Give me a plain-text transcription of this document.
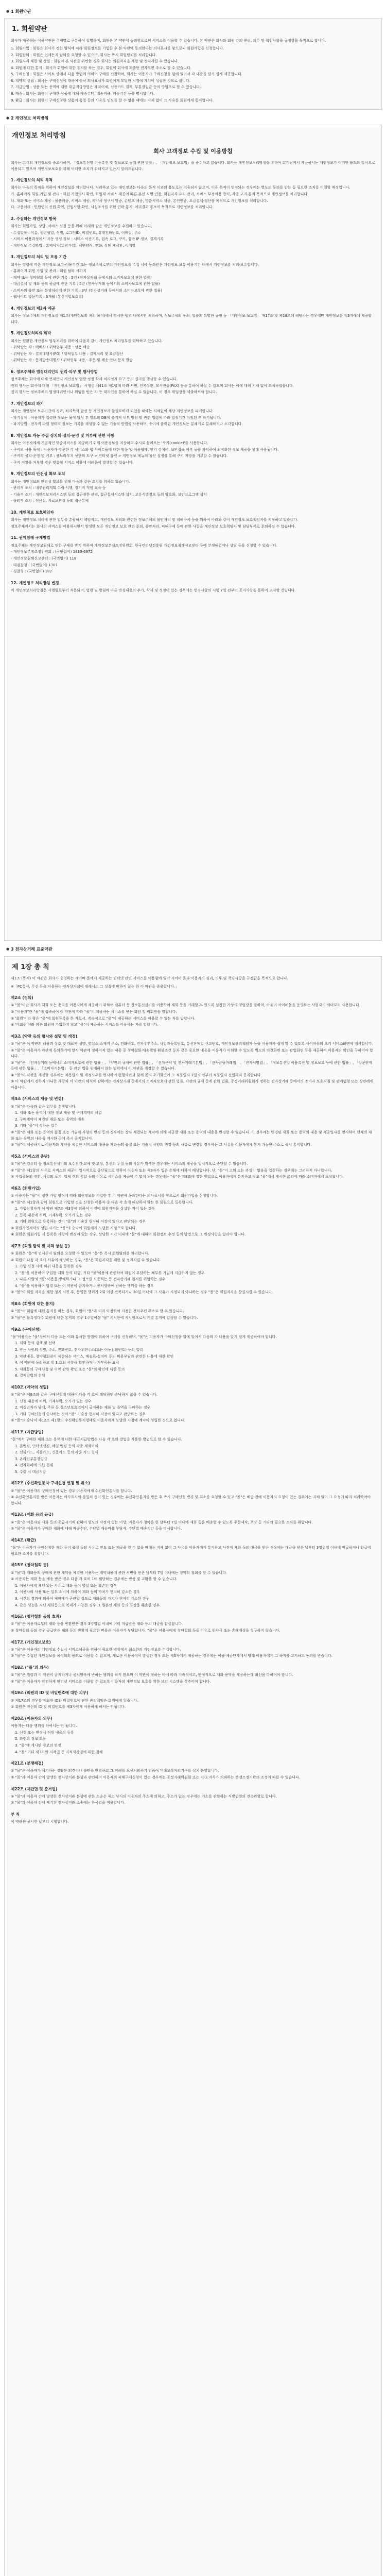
● 1 회원약관
1. 회원약관
회사가 제공하는 이용약관은 주제별로 구분하여 설명하며, 회원은 본 약관에 동의함으로써 서비스를 이용할 수 있습니다. 본 약관은 회사와 회원 간의 권리, 의무 및 책임사항을 규정함을 목적으로 합니다.
1. 회원가입 : 회원은 회사가 정한 양식에 따라 회원정보를 기입한 후 본 약관에 동의한다는 의사표시를 함으로써 회원가입을 신청합니다.
2. 회원탈퇴 : 회원은 언제든지 탈퇴를 요청할 수 있으며, 회사는 즉시 회원탈퇴를 처리합니다.
3. 회원자격 제한 및 상실 : 회원이 본 약관을 위반한 경우 회사는 회원자격을 제한 및 정지시킬 수 있습니다.
4. 회원에 대한 통지 : 회사가 회원에 대한 통지를 하는 경우, 회원이 회사에 제출한 전자우편 주소로 할 수 있습니다.
5. 구매신청 : 회원은 사이트 상에서 다음 방법에 의하여 구매를 신청하며, 회사는 이용자가 구매신청을 함에 있어서 각 내용을 알기 쉽게 제공합니다.
6. 계약의 성립 : 회사는 구매신청에 대하여 승낙 의사표시가 회원에게 도달한 시점에 계약이 성립한 것으로 봅니다.
7. 지급방법 : 상품 또는 용역에 대한 대금지급방법은 계좌이체, 신용카드 결제, 무통장입금 등의 방법으로 할 수 있습니다.
8. 배송 : 회사는 회원이 구매한 상품에 대해 배송수단, 배송비용, 배송기간 등을 명시합니다.
9. 환급 : 회사는 회원이 구매신청한 상품이 품절 등의 사유로 인도를 할 수 없을 때에는 지체 없이 그 사유를 회원에게 통지합니다.
● 2 개인정보 처리방침
개인정보 처리방침
회사 고객정보 수집 및 이용방침
회사는 고객의 개인정보를 중요시하며, 「정보통신망 이용촉진 및 정보보호 등에 관한 법률」, 「개인정보 보호법」을 준수하고 있습니다. 회사는 개인정보처리방침을 통하여 고객님께서 제공하시는 개인정보가 어떠한 용도와 방식으로 이용되고 있으며 개인정보보호를 위해 어떠한 조치가 취해지고 있는지 알려드립니다.
1. 개인정보의 처리 목적
회사는 다음의 목적을 위하여 개인정보를 처리합니다. 처리하고 있는 개인정보는 다음의 목적 이외의 용도로는 이용되지 않으며, 이용 목적이 변경되는 경우에는 별도의 동의를 받는 등 필요한 조치를 이행할 예정입니다.
가. 홈페이지 회원 가입 및 관리 : 회원 가입의사 확인, 회원제 서비스 제공에 따른 본인 식별·인증, 회원자격 유지·관리, 서비스 부정이용 방지, 각종 고지·통지 목적으로 개인정보를 처리합니다.
나. 재화 또는 서비스 제공 : 물품배송, 서비스 제공, 계약서·청구서 발송, 콘텐츠 제공, 맞춤서비스 제공, 본인인증, 요금결제·정산을 목적으로 개인정보를 처리합니다.
다. 고충처리 : 민원인의 신원 확인, 민원사항 확인, 사실조사를 위한 연락·통지, 처리결과 통보의 목적으로 개인정보를 처리합니다.
2. 수집하는 개인정보 항목
회사는 회원가입, 상담, 서비스 신청 등을 위해 아래와 같은 개인정보를 수집하고 있습니다.
- 수집항목 : 이름, 생년월일, 성별, 로그인ID, 비밀번호, 휴대전화번호, 이메일, 주소
- 서비스 이용과정에서 자동 생성 정보 : 서비스 이용기록, 접속 로그, 쿠키, 접속 IP 정보, 결제기록
- 개인정보 수집방법 : 홈페이지(회원가입), 서면양식, 전화, 상담 게시판, 이메일
3. 개인정보의 처리 및 보유 기간
회사는 법령에 따른 개인정보 보유·이용기간 또는 정보주체로부터 개인정보를 수집 시에 동의받은 개인정보 보유·이용기간 내에서 개인정보를 처리·보유합니다.
- 홈페이지 회원 가입 및 관리 : 회원 탈퇴 시까지
- 계약 또는 청약철회 등에 관한 기록 : 5년 (전자상거래 등에서의 소비자보호에 관한 법률)
- 대금결제 및 재화 등의 공급에 관한 기록 : 5년 (전자상거래 등에서의 소비자보호에 관한 법률)
- 소비자의 불만 또는 분쟁처리에 관한 기록 : 3년 (전자상거래 등에서의 소비자보호에 관한 법률)
- 웹사이트 방문기록 : 3개월 (통신비밀보호법)
4. 개인정보의 제3자 제공
회사는 정보주체의 개인정보를 제1조(개인정보의 처리 목적)에서 명시한 범위 내에서만 처리하며, 정보주체의 동의, 법률의 특별한 규정 등 「개인정보 보호법」 제17조 및 제18조에 해당하는 경우에만 개인정보를 제3자에게 제공합니다.
5. 개인정보처리의 위탁
회사는 원활한 개인정보 업무처리를 위하여 다음과 같이 개인정보 처리업무를 위탁하고 있습니다.
- 위탁받는 자 : 택배사 / 위탁업무 내용 : 상품 배송
- 위탁받는 자 : 결제대행사(PG) / 위탁업무 내용 : 결제처리 및 요금정산
- 위탁받는 자 : 문자발송대행사 / 위탁업무 내용 : 주문 및 배송 안내 문자 발송
6. 정보주체와 법정대리인의 권리·의무 및 행사방법
정보주체는 회사에 대해 언제든지 개인정보 열람·정정·삭제·처리정지 요구 등의 권리를 행사할 수 있습니다.
권리 행사는 회사에 대해 「개인정보 보호법」 시행령 제41조 제1항에 따라 서면, 전자우편, 모사전송(FAX) 등을 통하여 하실 수 있으며 회사는 이에 대해 지체 없이 조치하겠습니다.
권리 행사는 정보주체의 법정대리인이나 위임을 받은 자 등 대리인을 통하여 하실 수 있습니다. 이 경우 위임장을 제출하셔야 합니다.
7. 개인정보의 파기
회사는 개인정보 보유기간의 경과, 처리목적 달성 등 개인정보가 불필요하게 되었을 때에는 지체없이 해당 개인정보를 파기합니다.
- 파기절차 : 이용자가 입력한 정보는 목적 달성 후 별도의 DB에 옮겨져 내부 방침 및 관련 법령에 따라 일정기간 저장된 후 파기됩니다.
- 파기방법 : 전자적 파일 형태의 정보는 기록을 재생할 수 없는 기술적 방법을 사용하며, 종이에 출력된 개인정보는 분쇄기로 분쇄하거나 소각합니다.
8. 개인정보 자동 수집 장치의 설치·운영 및 거부에 관한 사항
회사는 이용자에게 개별적인 맞춤서비스를 제공하기 위해 이용정보를 저장하고 수시로 불러오는 '쿠키(cookie)'를 사용합니다.
- 쿠키의 사용 목적 : 이용자가 방문한 각 서비스와 웹 사이트들에 대한 방문 및 이용형태, 인기 검색어, 보안접속 여부 등을 파악하여 최적화된 정보 제공을 위해 사용됩니다.
- 쿠키의 설치·운영 및 거부 : 웹브라우저 상단의 도구 > 인터넷 옵션 > 개인정보 메뉴의 옵션 설정을 통해 쿠키 저장을 거부할 수 있습니다.
- 쿠키 저장을 거부할 경우 맞춤형 서비스 이용에 어려움이 발생할 수 있습니다.
9. 개인정보의 안전성 확보 조치
회사는 개인정보의 안전성 확보를 위해 다음과 같은 조치를 취하고 있습니다.
- 관리적 조치 : 내부관리계획 수립·시행, 정기적 직원 교육 등
- 기술적 조치 : 개인정보처리시스템 등의 접근권한 관리, 접근통제시스템 설치, 고유식별정보 등의 암호화, 보안프로그램 설치
- 물리적 조치 : 전산실, 자료보관실 등의 접근통제
10. 개인정보 보호책임자
회사는 개인정보 처리에 관한 업무를 총괄해서 책임지고, 개인정보 처리와 관련한 정보주체의 불만처리 및 피해구제 등을 위하여 아래와 같이 개인정보 보호책임자를 지정하고 있습니다.
정보주체께서는 회사의 서비스를 이용하시면서 발생한 모든 개인정보 보호 관련 문의, 불만처리, 피해구제 등에 관한 사항을 개인정보 보호책임자 및 담당부서로 문의하실 수 있습니다.
11. 권익침해 구제방법
정보주체는 개인정보침해로 인한 구제를 받기 위하여 개인정보분쟁조정위원회, 한국인터넷진흥원 개인정보침해신고센터 등에 분쟁해결이나 상담 등을 신청할 수 있습니다.
- 개인정보분쟁조정위원회 : (국번없이) 1833-6972
- 개인정보침해신고센터 : (국번없이) 118
- 대검찰청 : (국번없이) 1301
- 경찰청 : (국번없이) 182
12. 개인정보 처리방침 변경
이 개인정보처리방침은 시행일로부터 적용되며, 법령 및 방침에 따른 변경내용의 추가, 삭제 및 정정이 있는 경우에는 변경사항의 시행 7일 전부터 공지사항을 통하여 고지할 것입니다.
● 3 전자상거래 표준약관
제 1장 총 칙
제1조 (목적) 이 약관은 회사가 운영하는 사이버 몰에서 제공하는 인터넷 관련 서비스를 이용함에 있어 사이버 몰과 이용자의 권리, 의무 및 책임사항을 규정함을 목적으로 합니다.
※「PC통신, 무선 등을 이용하는 전자상거래에 대해서도 그 성질에 반하지 않는 한 이 약관을 준용합니다.」
제2조 (정의)
① "몰"이란 회사가 재화 또는 용역을 이용자에게 제공하기 위하여 컴퓨터 등 정보통신설비를 이용하여 재화 등을 거래할 수 있도록 설정한 가상의 영업장을 말하며, 아울러 사이버몰을 운영하는 사업자의 의미로도 사용합니다.
② "이용자"란 "몰"에 접속하여 이 약관에 따라 "몰"이 제공하는 서비스를 받는 회원 및 비회원을 말합니다.
③ '회원'이라 함은 "몰"에 회원등록을 한 자로서, 계속적으로 "몰"이 제공하는 서비스를 이용할 수 있는 자를 말합니다.
④ '비회원'이라 함은 회원에 가입하지 않고 "몰"이 제공하는 서비스를 이용하는 자를 말합니다.
제3조 (약관 등의 명시와 설명 및 개정)
① "몰"은 이 약관의 내용과 상호 및 대표자 성명, 영업소 소재지 주소, 전화번호, 전자우편주소, 사업자등록번호, 통신판매업 신고번호, 개인정보관리책임자 등을 이용자가 쉽게 알 수 있도록 사이버몰의 초기 서비스화면에 게시합니다.
② "몰"은 이용자가 약관에 동의하기에 앞서 약관에 정하여져 있는 내용 중 청약철회·배송책임·환불조건 등과 같은 중요한 내용을 이용자가 이해할 수 있도록 별도의 연결화면 또는 팝업화면 등을 제공하여 이용자의 확인을 구하여야 합니다.
③ "몰"은 「전자상거래 등에서의 소비자보호에 관한 법률」, 「약관의 규제에 관한 법률」, 「전자문서 및 전자거래기본법」, 「전자금융거래법」, 「전자서명법」, 「정보통신망 이용촉진 및 정보보호 등에 관한 법률」, 「방문판매 등에 관한 법률」, 「소비자기본법」 등 관련 법을 위배하지 않는 범위에서 이 약관을 개정할 수 있습니다.
④ "몰"이 약관을 개정할 경우에는 적용일자 및 개정사유를 명시하여 현행약관과 함께 몰의 초기화면에 그 적용일자 7일 이전부터 적용일자 전일까지 공지합니다.
⑤ 이 약관에서 정하지 아니한 사항과 이 약관의 해석에 관하여는 전자상거래 등에서의 소비자보호에 관한 법률, 약관의 규제 등에 관한 법률, 공정거래위원회가 정하는 전자상거래 등에서의 소비자 보호지침 및 관계법령 또는 상관례에 따릅니다.
제4조 (서비스의 제공 및 변경)
① "몰"은 다음과 같은 업무를 수행합니다.
1. 재화 또는 용역에 대한 정보 제공 및 구매계약의 체결
2. 구매계약이 체결된 재화 또는 용역의 배송
3. 기타 "몰"이 정하는 업무
② "몰"은 재화 또는 용역의 품절 또는 기술적 사양의 변경 등의 경우에는 장차 체결되는 계약에 의해 제공할 재화 또는 용역의 내용을 변경할 수 있습니다. 이 경우에는 변경된 재화 또는 용역의 내용 및 제공일자를 명시하여 현재의 재화 또는 용역의 내용을 게시한 곳에 즉시 공지합니다.
③ "몰"이 제공하기로 이용자와 계약을 체결한 서비스의 내용을 재화등의 품절 또는 기술적 사양의 변경 등의 사유로 변경할 경우에는 그 사유를 이용자에게 통지 가능한 주소로 즉시 통지합니다.
제5조 (서비스의 중단)
① "몰"은 컴퓨터 등 정보통신설비의 보수점검·교체 및 고장, 통신의 두절 등의 사유가 발생한 경우에는 서비스의 제공을 일시적으로 중단할 수 있습니다.
② "몰"은 제1항의 사유로 서비스의 제공이 일시적으로 중단됨으로 인하여 이용자 또는 제3자가 입은 손해에 대하여 배상합니다. 단, "몰"이 고의 또는 과실이 없음을 입증하는 경우에는 그러하지 아니합니다.
③ 사업종목의 전환, 사업의 포기, 업체 간의 통합 등의 이유로 서비스를 제공할 수 없게 되는 경우에는 "몰"은 제8조에 정한 방법으로 이용자에게 통지하고 당초 "몰"에서 제시한 조건에 따라 소비자에게 보상합니다.
제6조 (회원가입)
① 이용자는 "몰"이 정한 가입 양식에 따라 회원정보를 기입한 후 이 약관에 동의한다는 의사표시를 함으로서 회원가입을 신청합니다.
② "몰"은 제1항과 같이 회원으로 가입할 것을 신청한 이용자 중 다음 각 호에 해당하지 않는 한 회원으로 등록합니다.
1. 가입신청자가 이 약관 제7조 제3항에 의하여 이전에 회원자격을 상실한 적이 있는 경우
2. 등록 내용에 허위, 기재누락, 오기가 있는 경우
3. 기타 회원으로 등록하는 것이 "몰"의 기술상 현저히 지장이 있다고 판단되는 경우
③ 회원가입계약의 성립 시기는 "몰"의 승낙이 회원에게 도달한 시점으로 합니다.
④ 회원은 회원가입 시 등록한 사항에 변경이 있는 경우, 상당한 기간 이내에 "몰"에 대하여 회원정보 수정 등의 방법으로 그 변경사항을 알려야 합니다.
제7조 (회원 탈퇴 및 자격 상실 등)
① 회원은 "몰"에 언제든지 탈퇴를 요청할 수 있으며 "몰"은 즉시 회원탈퇴를 처리합니다.
② 회원이 다음 각 호의 사유에 해당하는 경우, "몰"은 회원자격을 제한 및 정지시킬 수 있습니다.
1. 가입 신청 시에 허위 내용을 등록한 경우
2. "몰"을 이용하여 구입한 재화 등의 대금, 기타 "몰"이용에 관련하여 회원이 부담하는 채무를 기일에 지급하지 않는 경우
3. 다른 사람의 "몰" 이용을 방해하거나 그 정보를 도용하는 등 전자상거래 질서를 위협하는 경우
4. "몰"을 이용하여 법령 또는 이 약관이 금지하거나 공서양속에 반하는 행위를 하는 경우
③ "몰"이 회원 자격을 제한·정지 시킨 후, 동일한 행위가 2회 이상 반복되거나 30일 이내에 그 사유가 시정되지 아니하는 경우 "몰"은 회원자격을 상실시킬 수 있습니다.
제8조 (회원에 대한 통지)
① "몰"이 회원에 대한 통지를 하는 경우, 회원이 "몰"과 미리 약정하여 지정한 전자우편 주소로 할 수 있습니다.
② "몰"은 불특정다수 회원에 대한 통지의 경우 1주일이상 "몰" 게시판에 게시함으로서 개별 통지에 갈음할 수 있습니다.
제9조 (구매신청)
"몰"이용자는 "몰"상에서 다음 또는 이와 유사한 방법에 의하여 구매를 신청하며, "몰"은 이용자가 구매신청을 함에 있어서 다음의 각 내용을 알기 쉽게 제공하여야 합니다.
1. 재화 등의 검색 및 선택
2. 받는 사람의 성명, 주소, 전화번호, 전자우편주소(또는 이동전화번호) 등의 입력
3. 약관내용, 청약철회권이 제한되는 서비스, 배송료·설치비 등의 비용부담과 관련한 내용에 대한 확인
4. 이 약관에 동의하고 위 3.호의 사항을 확인하거나 거부하는 표시
5. 재화등의 구매신청 및 이에 관한 확인 또는 "몰"의 확인에 대한 동의
6. 결제방법의 선택
제10조 (계약의 성립)
① "몰"은 제9조와 같은 구매신청에 대하여 다음 각 호에 해당하면 승낙하지 않을 수 있습니다.
1. 신청 내용에 허위, 기재누락, 오기가 있는 경우
2. 미성년자가 담배, 주류 등 청소년보호법에서 금지하는 재화 및 용역을 구매하는 경우
3. 기타 구매신청에 승낙하는 것이 "몰" 기술상 현저히 지장이 있다고 판단하는 경우
② "몰"의 승낙이 제12조 제1항의 수신확인통지형태로 이용자에게 도달한 시점에 계약이 성립한 것으로 봅니다.
제11조 (지급방법)
"몰"에서 구매한 재화 또는 용역에 대한 대금지급방법은 다음 각 호의 방법중 가용한 방법으로 할 수 있습니다.
1. 폰뱅킹, 인터넷뱅킹, 메일 뱅킹 등의 각종 계좌이체
2. 선불카드, 직불카드, 신용카드 등의 각종 카드 결제
3. 온라인무통장입금
4. 전자화폐에 의한 결제
5. 수령 시 대금지급
제12조 (수신확인통지·구매신청 변경 및 취소)
① "몰"은 이용자의 구매신청이 있는 경우 이용자에게 수신확인통지를 합니다.
② 수신확인통지를 받은 이용자는 의사표시의 불일치 등이 있는 경우에는 수신확인통지를 받은 후 즉시 구매신청 변경 및 취소를 요청할 수 있고 "몰"은 배송 전에 이용자의 요청이 있는 경우에는 지체 없이 그 요청에 따라 처리하여야 합니다.
제13조 (재화 등의 공급)
① "몰"은 이용자와 재화 등의 공급시기에 관하여 별도의 약정이 없는 이상, 이용자가 청약을 한 날부터 7일 이내에 재화 등을 배송할 수 있도록 주문제작, 포장 등 기타의 필요한 조치를 취합니다.
② "몰"은 이용자가 구매한 재화에 대해 배송수단, 수단별 배송비용 부담자, 수단별 배송기간 등을 명시합니다.
제14조 (환급)
"몰"은 이용자가 구매신청한 재화 등이 품절 등의 사유로 인도 또는 제공을 할 수 없을 때에는 지체 없이 그 사유를 이용자에게 통지하고 사전에 재화 등의 대금을 받은 경우에는 대금을 받은 날부터 3영업일 이내에 환급하거나 환급에 필요한 조치를 취합니다.
제15조 (청약철회 등)
① "몰"과 재화등의 구매에 관한 계약을 체결한 이용자는 계약내용에 관한 서면을 받은 날부터 7일 이내에는 청약의 철회를 할 수 있습니다.
② 이용자는 재화 등을 배송 받은 경우 다음 각 호의 1에 해당하는 경우에는 반품 및 교환을 할 수 없습니다.
1. 이용자에게 책임 있는 사유로 재화 등이 멸실 또는 훼손된 경우
2. 이용자의 사용 또는 일부 소비에 의하여 재화 등의 가치가 현저히 감소한 경우
3. 시간의 경과에 의하여 재판매가 곤란할 정도로 재화등의 가치가 현저히 감소한 경우
4. 같은 성능을 지닌 재화등으로 복제가 가능한 경우 그 원본인 재화 등의 포장을 훼손한 경우
제16조 (청약철회 등의 효과)
① "몰"은 이용자로부터 재화 등을 반환받은 경우 3영업일 이내에 이미 지급받은 재화 등의 대금을 환급합니다.
② 청약철회 등의 경우 공급받은 재화 등의 반환에 필요한 비용은 이용자가 부담합니다. "몰"은 이용자에게 청약철회 등을 이유로 위약금 또는 손해배상을 청구하지 않습니다.
제17조 (개인정보보호)
① "몰"은 이용자의 개인정보 수집시 서비스제공을 위하여 필요한 범위에서 최소한의 개인정보를 수집합니다.
② "몰"은 수집된 개인정보를 목적외의 용도로 이용할 수 없으며, 새로운 이용목적이 발생한 경우 또는 제3자에게 제공하는 경우에는 이용·제공단계에서 당해 이용자에게 그 목적을 고지하고 동의를 받습니다.
제18조 ("몰"의 의무)
① "몰"은 법령과 이 약관이 금지하거나 공서양속에 반하는 행위를 하지 않으며 이 약관이 정하는 바에 따라 지속적이고, 안정적으로 재화·용역을 제공하는데 최선을 다하여야 합니다.
② "몰"은 이용자가 안전하게 인터넷 서비스를 이용할 수 있도록 이용자의 개인정보 보호를 위한 보안 시스템을 갖추어야 합니다.
제19조 (회원의 ID 및 비밀번호에 대한 의무)
① 제17조의 경우를 제외한 ID와 비밀번호에 관한 관리책임은 회원에게 있습니다.
② 회원은 자신의 ID 및 비밀번호를 제3자에게 이용하게 해서는 안됩니다.
제20조 (이용자의 의무)
이용자는 다음 행위를 하여서는 안 됩니다.
1. 신청 또는 변경시 허위 내용의 등록
2. 타인의 정보 도용
3. "몰"에 게시된 정보의 변경
4. "몰" 기타 제3자의 저작권 등 지적재산권에 대한 침해
제21조 (분쟁해결)
① "몰"은 이용자가 제기하는 정당한 의견이나 불만을 반영하고 그 피해를 보상처리하기 위하여 피해보상처리기구를 설치·운영합니다.
② "몰"과 이용자 간에 발생한 전자상거래 분쟁과 관련하여 이용자의 피해구제신청이 있는 경우에는 공정거래위원회 또는 시·도지사가 의뢰하는 분쟁조정기관의 조정에 따를 수 있습니다.
제22조 (재판권 및 준거법)
① "몰"과 이용자 간에 발생한 전자상거래 분쟁에 관한 소송은 제소 당시의 이용자의 주소에 의하고, 주소가 없는 경우에는 거소를 관할하는 지방법원의 전속관할로 합니다.
② "몰"과 이용자 간에 제기된 전자상거래 소송에는 한국법을 적용합니다.
부 칙
이 약관은 공시한 날부터 시행합니다.
